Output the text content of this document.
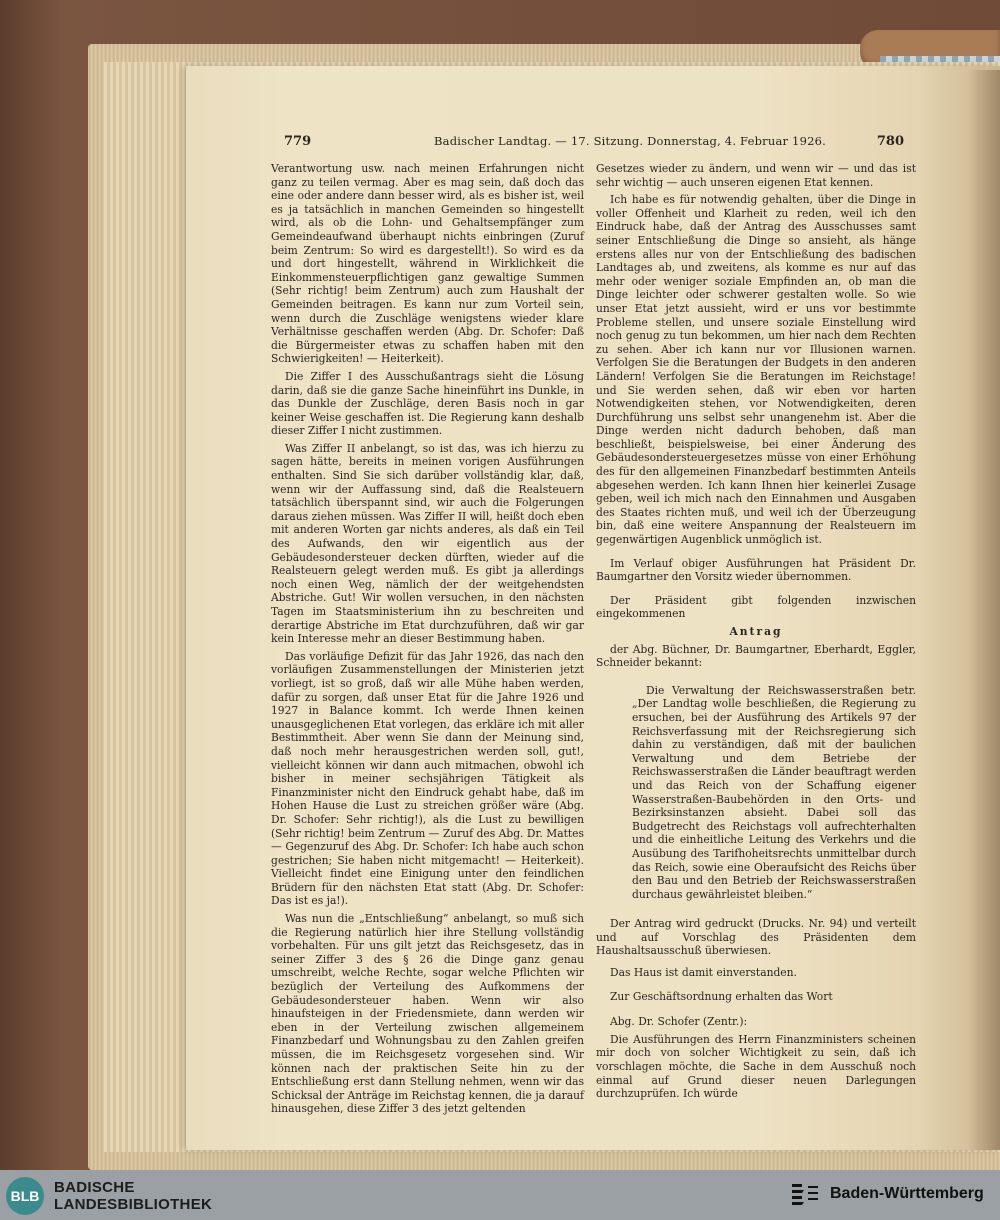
779	Badischer Landtag. — 17. Sitzung. Donnerstag, 4. Februar 1926.	780

Verantwortung usw. nach meinen Erfahrungen nicht ganz zu teilen vermag. Aber es mag sein, daß doch das eine oder andere dann besser wird, als es bisher ist, weil es ja tatsächlich in manchen Gemeinden so hingestellt wird, als ob die Lohn- und Gehaltsempfänger zum Gemeindeaufwand überhaupt nichts einbringen (Zuruf beim Zentrum: So wird es dargestellt!). So wird es da und dort hingestellt, während in Wirklichkeit die Einkommensteuerpflichtigen ganz gewaltige Summen (Sehr richtig! beim Zentrum) auch zum Haushalt der Gemeinden beitragen. Es kann nur zum Vorteil sein, wenn durch die Zuschläge wenigstens wieder klare Verhältnisse geschaffen werden (Abg. Dr. Schofer: Daß die Bürgermeister etwas zu schaffen haben mit den Schwierigkeiten! — Heiterkeit).

Die Ziffer I des Ausschußantrags sieht die Lösung darin, daß sie die ganze Sache hineinführt ins Dunkle, in das Dunkle der Zuschläge, deren Basis noch in gar keiner Weise geschaffen ist. Die Regierung kann deshalb dieser Ziffer I nicht zustimmen.

Was Ziffer II anbelangt, so ist das, was ich hierzu zu sagen hätte, bereits in meinen vorigen Ausführungen enthalten. Sind Sie sich darüber vollständig klar, daß, wenn wir der Auffassung sind, daß die Realsteuern tatsächlich überspannt sind, wir auch die Folgerungen daraus ziehen müssen. Was Ziffer II will, heißt doch eben mit anderen Worten gar nichts anderes, als daß ein Teil des Aufwands, den wir eigentlich aus der Gebäudesondersteuer decken dürften, wieder auf die Realsteuern gelegt werden muß. Es gibt ja allerdings noch einen Weg, nämlich der der weitgehendsten Abstriche. Gut! Wir wollen versuchen, in den nächsten Tagen im Staatsministerium ihn zu beschreiten und derartige Abstriche im Etat durchzuführen, daß wir gar kein Interesse mehr an dieser Bestimmung haben.

Das vorläufige Defizit für das Jahr 1926, das nach den vorläufigen Zusammenstellungen der Ministerien jetzt vorliegt, ist so groß, daß wir alle Mühe haben werden, dafür zu sorgen, daß unser Etat für die Jahre 1926 und 1927 in Balance kommt. Ich werde Ihnen keinen unausgeglichenen Etat vorlegen, das erkläre ich mit aller Bestimmtheit. Aber wenn Sie dann der Meinung sind, daß noch mehr herausgestrichen werden soll, gut!, vielleicht können wir dann auch mitmachen, obwohl ich bisher in meiner sechsjährigen Tätigkeit als Finanzminister nicht den Eindruck gehabt habe, daß im Hohen Hause die Lust zu streichen größer wäre (Abg. Dr. Schofer: Sehr richtig!), als die Lust zu bewilligen (Sehr richtig! beim Zentrum — Zuruf des Abg. Dr. Mattes — Gegenzuruf des Abg. Dr. Schofer: Ich habe auch schon gestrichen; Sie haben nicht mitgemacht! — Heiterkeit). Vielleicht findet eine Einigung unter den feindlichen Brüdern für den nächsten Etat statt (Abg. Dr. Schofer: Das ist es ja!).

Was nun die „Entschließung“ anbelangt, so muß sich die Regierung natürlich hier ihre Stellung vollständig vorbehalten. Für uns gilt jetzt das Reichsgesetz, das in seiner Ziffer 3 des § 26 die Dinge ganz genau umschreibt, welche Rechte, sogar welche Pflichten wir bezüglich der Verteilung des Aufkommens der Gebäudesondersteuer haben. Wenn wir also hinaufsteigen in der Friedensmiete, dann werden wir eben in der Verteilung zwischen allgemeinem Finanzbedarf und Wohnungsbau zu den Zahlen greifen müssen, die im Reichsgesetz vorgesehen sind. Wir können nach der praktischen Seite hin zu der Entschließung erst dann Stellung nehmen, wenn wir das Schicksal der Anträge im Reichstag kennen, die ja darauf hinausgehen, diese Ziffer 3 des jetzt geltenden

Gesetzes wieder zu ändern, und wenn wir — und das ist sehr wichtig — auch unseren eigenen Etat kennen.

Ich habe es für notwendig gehalten, über die Dinge in voller Offenheit und Klarheit zu reden, weil ich den Eindruck habe, daß der Antrag des Ausschusses samt seiner Entschließung die Dinge so ansieht, als hänge erstens alles nur von der Entschließung des badischen Landtages ab, und zweitens, als komme es nur auf das mehr oder weniger soziale Empfinden an, ob man die Dinge leichter oder schwerer gestalten wolle. So wie unser Etat jetzt aussieht, wird er uns vor bestimmte Probleme stellen, und unsere soziale Einstellung wird noch genug zu tun bekommen, um hier nach dem Rechten zu sehen. Aber ich kann nur vor Illusionen warnen. Verfolgen Sie die Beratungen der Budgets in den anderen Ländern! Verfolgen Sie die Beratungen im Reichstage! und Sie werden sehen, daß wir eben vor harten Notwendigkeiten stehen, vor Notwendigkeiten, deren Durchführung uns selbst sehr unangenehm ist. Aber die Dinge werden nicht dadurch behoben, daß man beschließt, beispielsweise, bei einer Änderung des Gebäudesondersteuergesetzes müsse von einer Erhöhung des für den allgemeinen Finanzbedarf bestimmten Anteils abgesehen werden. Ich kann Ihnen hier keinerlei Zusage geben, weil ich mich nach den Einnahmen und Ausgaben des Staates richten muß, und weil ich der Überzeugung bin, daß eine weitere Anspannung der Realsteuern im gegenwärtigen Augenblick unmöglich ist.

Im Verlauf obiger Ausführungen hat Präsident Dr. Baumgartner den Vorsitz wieder übernommen.

Der Präsident gibt folgenden inzwischen eingekommenen

Antrag

der Abg. Büchner, Dr. Baumgartner, Eberhardt, Eggler, Schneider bekannt:

Die Verwaltung der Reichswasserstraßen betr. „Der Landtag wolle beschließen, die Regierung zu ersuchen, bei der Ausführung des Artikels 97 der Reichsverfassung mit der Reichsregierung sich dahin zu verständigen, daß mit der baulichen Verwaltung und dem Betriebe der Reichswasserstraßen die Länder beauftragt werden und das Reich von der Schaffung eigener Wasserstraßen-Baubehörden in den Orts- und Bezirksinstanzen absieht. Dabei soll das Budgetrecht des Reichstags voll aufrechterhalten und die einheitliche Leitung des Verkehrs und die Ausübung des Tarifhoheitsrechts unmittelbar durch das Reich, sowie eine Oberaufsicht des Reichs über den Bau und den Betrieb der Reichswasserstraßen durchaus gewährleistet bleiben.“

Der Antrag wird gedruckt (Drucks. Nr. 94) und verteilt und auf Vorschlag des Präsidenten dem Haushaltsausschuß überwiesen.

Das Haus ist damit einverstanden.

Zur Geschäftsordnung erhalten das Wort

Abg. Dr. Schofer (Zentr.):

Die Ausführungen des Herrn Finanzministers scheinen mir doch von solcher Wichtigkeit zu sein, daß ich vorschlagen möchte, die Sache in dem Ausschuß noch einmal auf Grund dieser neuen Darlegungen durchzuprüfen. Ich würde

BLB BADISCHE
LANDESBIBLIOTHEK
Baden-Württemberg
